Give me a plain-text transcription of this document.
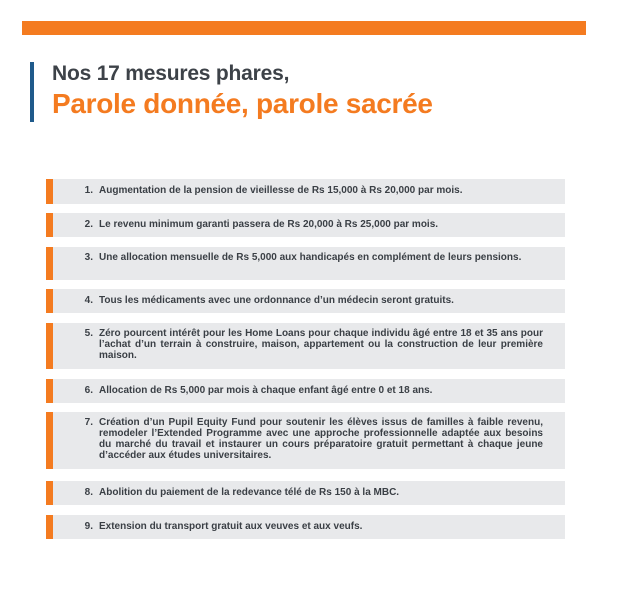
Nos 17 mesures phares,
Parole donnée, parole sacrée
1. Augmentation de la pension de vieillesse de Rs 15,000 à Rs 20,000 par mois.
2. Le revenu minimum garanti passera de Rs 20,000 à Rs 25,000 par mois.
3. Une allocation mensuelle de Rs 5,000 aux handicapés en complément de leurs pensions.
4. Tous les médicaments avec une ordonnance d’un médecin seront gratuits.
5. Zéro pourcent intérêt pour les Home Loans pour chaque individu âgé entre 18 et 35 ans pour l’achat d’un terrain à construire, maison, appartement ou la construction de leur première maison.
6. Allocation de Rs 5,000 par mois à chaque enfant âgé entre 0 et 18 ans.
7. Création d’un Pupil Equity Fund pour soutenir les élèves issus de familles à faible revenu, remodeler l’Extended Programme avec une approche professionnelle adaptée aux besoins du marché du travail et instaurer un cours préparatoire gratuit permettant à chaque jeune d’accéder aux études universitaires.
8. Abolition du paiement de la redevance télé de Rs 150 à la MBC.
9. Extension du transport gratuit aux veuves et aux veufs.
